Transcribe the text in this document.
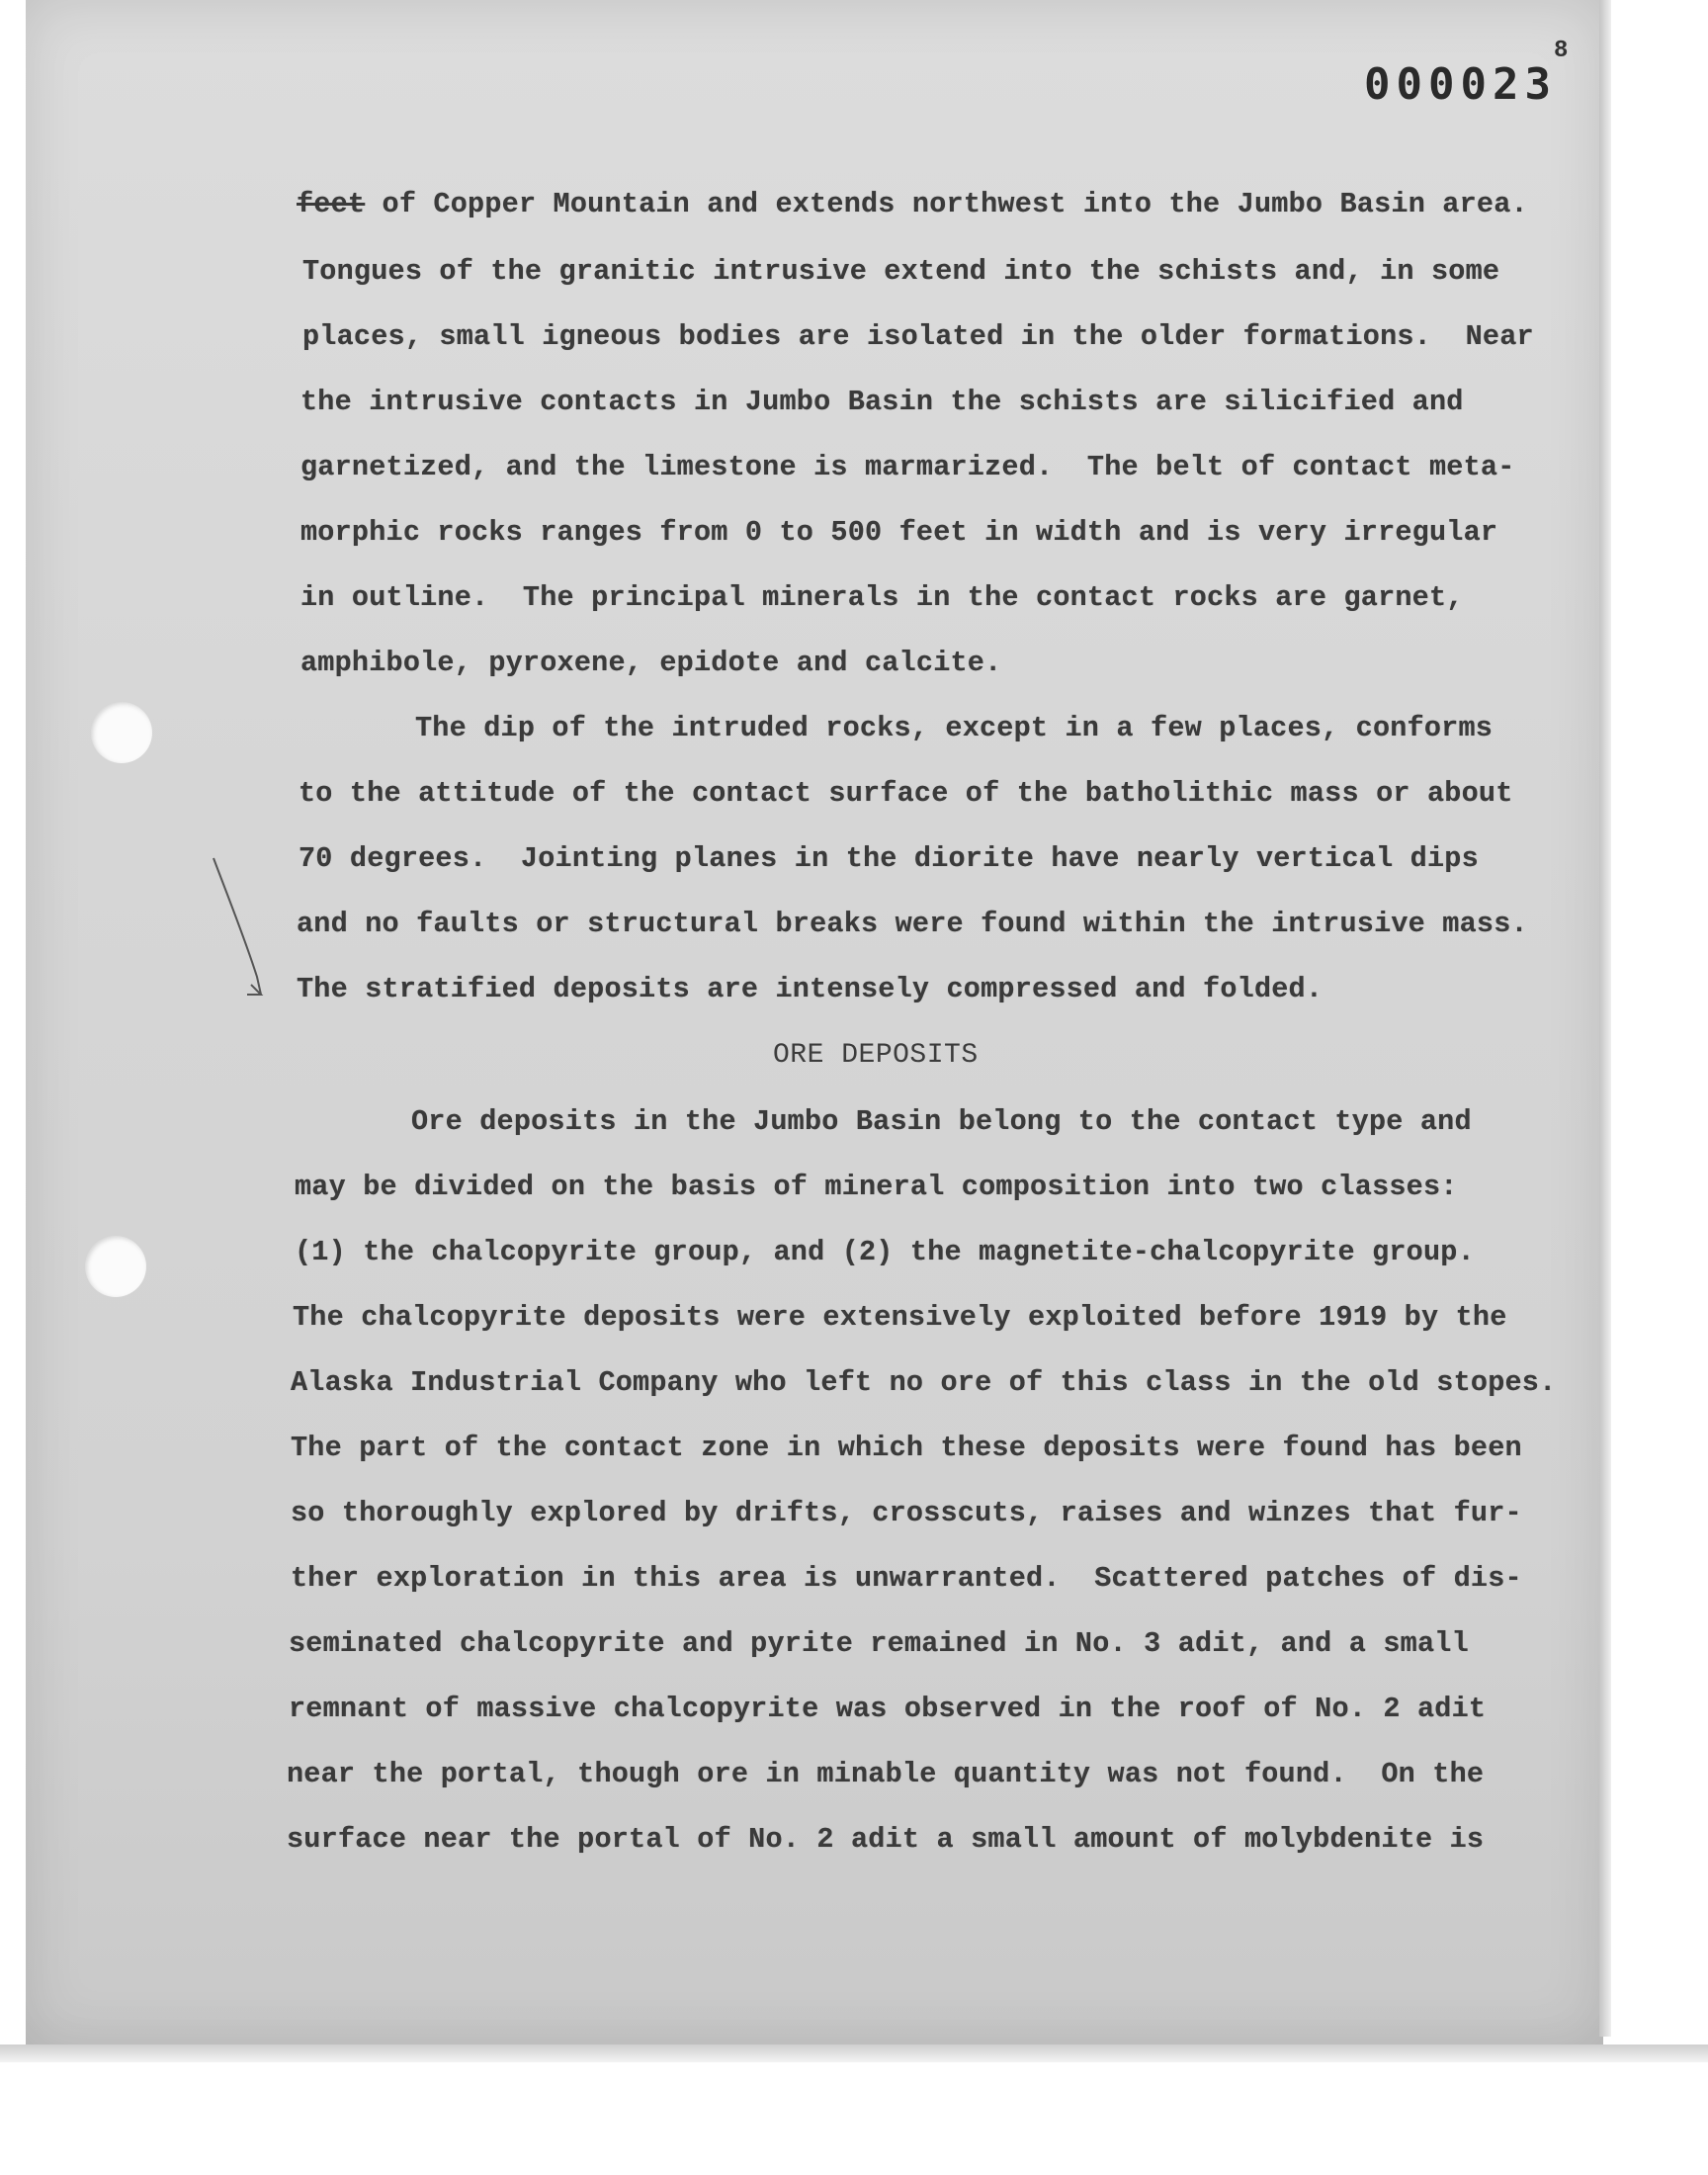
000023
8
feet of Copper Mountain and extends northwest into the Jumbo Basin area.
Tongues of the granitic intrusive extend into the schists and, in some
places, small igneous bodies are isolated in the older formations.  Near
the intrusive contacts in Jumbo Basin the schists are silicified and
garnetized, and the limestone is marmarized.  The belt of contact meta-
morphic rocks ranges from 0 to 500 feet in width and is very irregular
in outline.  The principal minerals in the contact rocks are garnet,
amphibole, pyroxene, epidote and calcite.
The dip of the intruded rocks, except in a few places, conforms
to the attitude of the contact surface of the batholithic mass or about
70 degrees.  Jointing planes in the diorite have nearly vertical dips
and no faults or structural breaks were found within the intrusive mass.
The stratified deposits are intensely compressed and folded.
ORE DEPOSITS
Ore deposits in the Jumbo Basin belong to the contact type and
may be divided on the basis of mineral composition into two classes:
(1) the chalcopyrite group, and (2) the magnetite-chalcopyrite group.
The chalcopyrite deposits were extensively exploited before 1919 by the
Alaska Industrial Company who left no ore of this class in the old stopes.
The part of the contact zone in which these deposits were found has been
so thoroughly explored by drifts, crosscuts, raises and winzes that fur-
ther exploration in this area is unwarranted.  Scattered patches of dis-
seminated chalcopyrite and pyrite remained in No. 3 adit, and a small
remnant of massive chalcopyrite was observed in the roof of No. 2 adit
near the portal, though ore in minable quantity was not found.  On the
surface near the portal of No. 2 adit a small amount of molybdenite is
